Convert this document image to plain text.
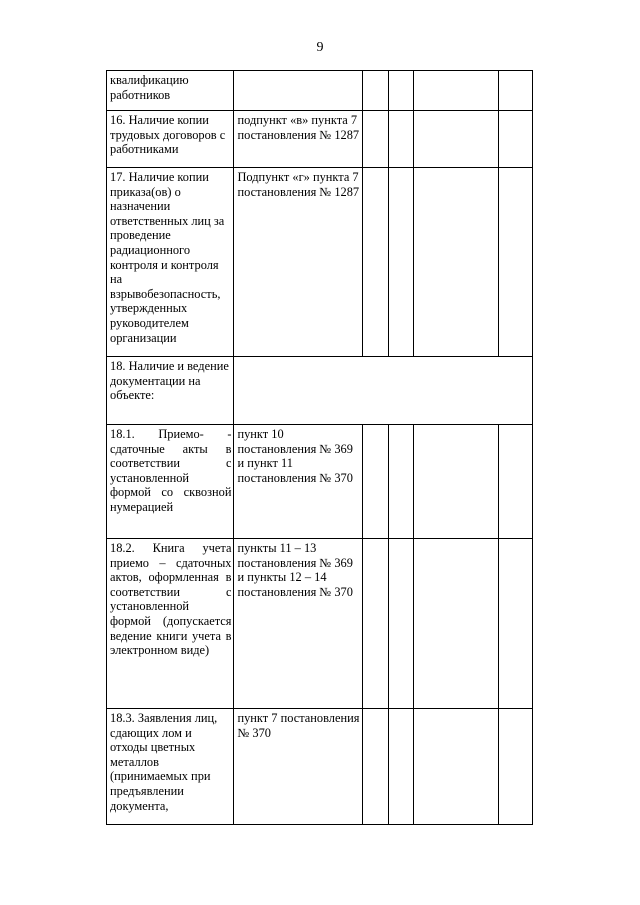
9
квалификацию работников					
16. Наличие копии трудовых договоров с работниками	подпункт «в» пункта 7 постановления № 1287				
17. Наличие копии приказа(ов) о назначении ответственных лиц за проведение радиационного контроля и контроля на взрывобезопасность, утвержденных руководителем организации	Подпункт «г» пункта 7 постановления № 1287				
18. Наличие и ведение документации на объекте:					
18.1. Приемо- - сдаточные акты в соответствии с установленной формой со сквозной нумерацией	пункт 10 постановления № 369 и пункт 11 постановления № 370				
18.2. Книга учета приемо – сдаточных актов, оформленная в соответствии с установленной формой (допускается ведение книги учета в электронном виде)	пункты 11 – 13 постановления № 369 и пункты 12 – 14 постановления № 370				
18.3. Заявления лиц, сдающих лом и отходы цветных металлов (принимаемых при предъявлении документа,	пункт 7 постановления № 370				
